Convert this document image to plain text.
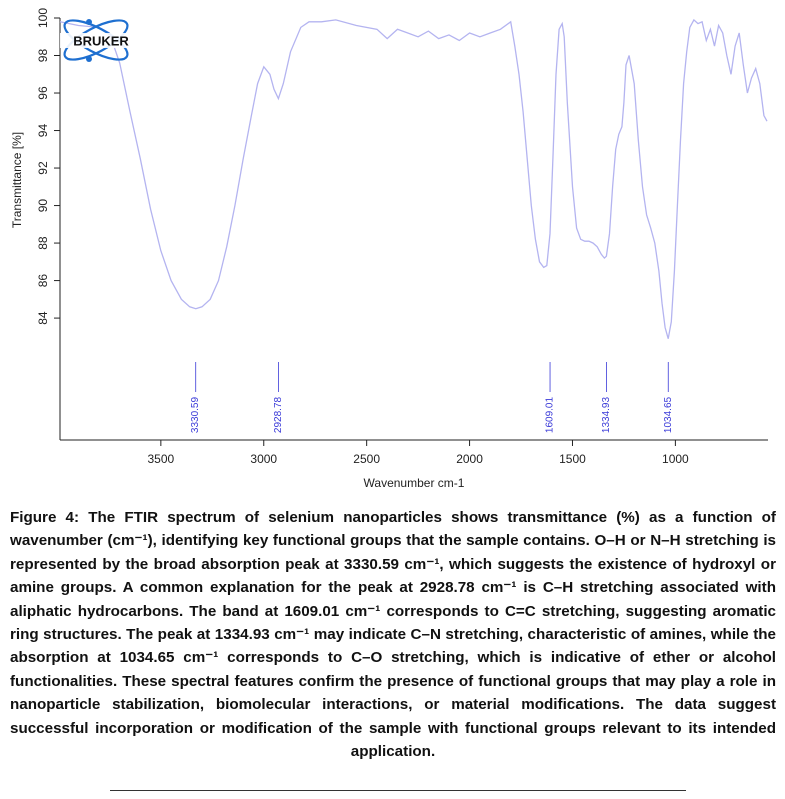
3500	3000	2500	2000	1500	1000
84
86
88
90
92
94
96
98
100
Wavenumber cm-1
Transmittance [%]
3330.59	2928.78	1609.01	1334.93	1034.65
BRUKER
Figure 4: The FTIR spectrum of selenium nanoparticles shows transmittance (%) as a function of wavenumber (cm⁻¹), identifying key functional groups that the sample contains. O–H or N–H stretching is represented by the broad absorption peak at 3330.59 cm⁻¹, which suggests the existence of hydroxyl or amine groups. A common explanation for the peak at 2928.78 cm⁻¹ is C–H stretching associated with aliphatic hydrocarbons. The band at 1609.01 cm⁻¹ corresponds to C=C stretching, suggesting aromatic ring structures. The peak at 1334.93 cm⁻¹ may indicate C–N stretching, characteristic of amines, while the absorption at 1034.65 cm⁻¹ corresponds to C–O stretching, which is indicative of ether or alcohol functionalities. These spectral features confirm the presence of functional groups that may play a role in nanoparticle stabilization, biomolecular interactions, or material modifications. The data suggest successful incorporation or modification of the sample with functional groups relevant to its intended application.
